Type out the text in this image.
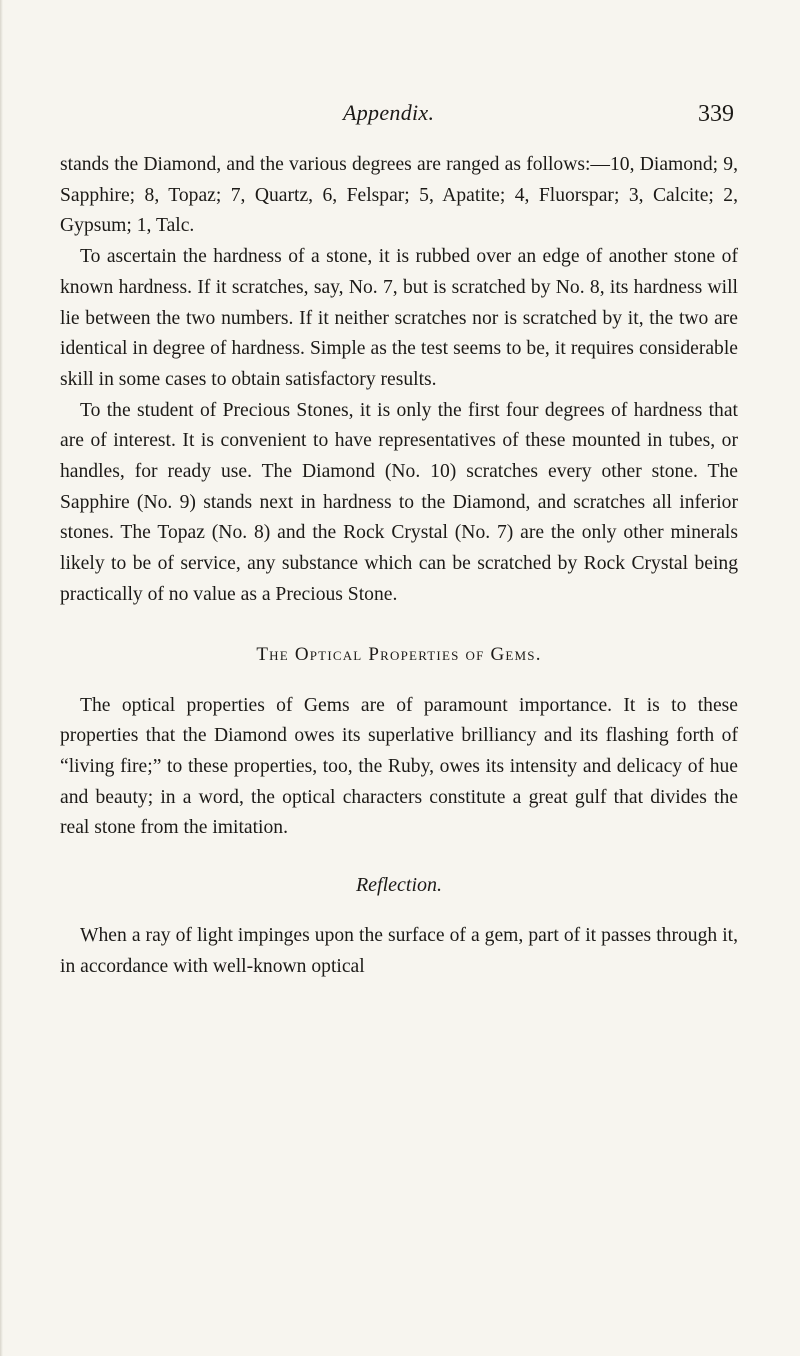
Appendix.	339

stands the Diamond, and the various degrees are ranged as follows:—10, Diamond; 9, Sapphire; 8, Topaz; 7, Quartz, 6, Felspar; 5, Apatite; 4, Fluorspar; 3, Calcite; 2, Gypsum; 1, Talc.

To ascertain the hardness of a stone, it is rubbed over an edge of another stone of known hardness. If it scratches, say, No. 7, but is scratched by No. 8, its hardness will lie between the two numbers. If it neither scratches nor is scratched by it, the two are identical in degree of hardness. Simple as the test seems to be, it requires considerable skill in some cases to obtain satisfactory results.

To the student of Precious Stones, it is only the first four degrees of hardness that are of interest. It is convenient to have representatives of these mounted in tubes, or handles, for ready use. The Diamond (No. 10) scratches every other stone. The Sapphire (No. 9) stands next in hardness to the Diamond, and scratches all inferior stones. The Topaz (No. 8) and the Rock Crystal (No. 7) are the only other minerals likely to be of service, any substance which can be scratched by Rock Crystal being practically of no value as a Precious Stone.

The Optical Properties of Gems.

The optical properties of Gems are of paramount importance. It is to these properties that the Diamond owes its superlative brilliancy and its flashing forth of “living fire;” to these properties, too, the Ruby, owes its intensity and delicacy of hue and beauty; in a word, the optical characters constitute a great gulf that divides the real stone from the imitation.

Reflection.

When a ray of light impinges upon the surface of a gem, part of it passes through it, in accordance with well-known optical
